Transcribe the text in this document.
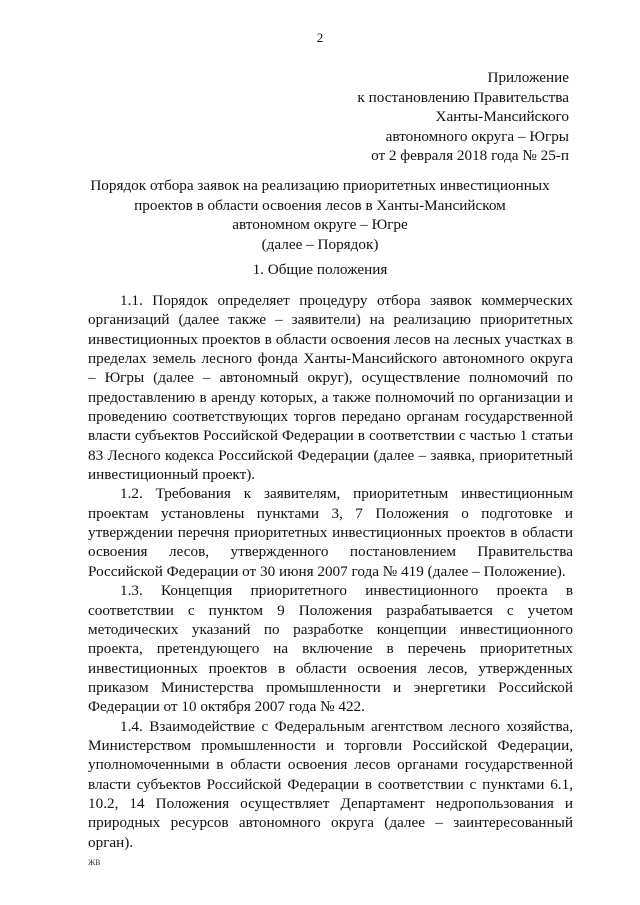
2
Приложение
к постановлению Правительства
Ханты-Мансийского
автономного округа – Югры
от 2 февраля 2018 года № 25-п
Порядок отбора заявок на реализацию приоритетных инвестиционных
проектов в области освоения лесов в Ханты-Мансийском
автономном округе – Югре
(далее – Порядок)
1. Общие положения

1.1. Порядок определяет процедуру отбора заявок коммерческих организаций (далее также – заявители) на реализацию приоритетных инвестиционных проектов в области освоения лесов на лесных участках в пределах земель лесного фонда Ханты-Мансийского автономного округа – Югры (далее – автономный округ), осуществление полномочий по предоставлению в аренду которых, а также полномочий по организации и проведению соответствующих торгов передано органам государственной власти субъектов Российской Федерации в соответствии с частью 1 статьи 83 Лесного кодекса Российской Федерации (далее – заявка, приоритетный инвестиционный проект).

1.2. Требования к заявителям, приоритетным инвестиционным проектам установлены пунктами 3, 7 Положения о подготовке и утверждении перечня приоритетных инвестиционных проектов в области освоения лесов, утвержденного постановлением Правительства Российской Федерации от 30 июня 2007 года № 419 (далее – Положение).

1.3. Концепция приоритетного инвестиционного проекта в соответствии с пунктом 9 Положения разрабатывается с учетом методических указаний по разработке концепции инвестиционного проекта, претендующего на включение в перечень приоритетных инвестиционных проектов в области освоения лесов, утвержденных приказом Министерства промышленности и энергетики Российской Федерации от 10 октября 2007 года № 422.

1.4. Взаимодействие с Федеральным агентством лесного хозяйства, Министерством промышленности и торговли Российской Федерации, уполномоченными в области освоения лесов органами государственной власти субъектов Российской Федерации в соответствии с пунктами 6.1, 10.2, 14 Положения осуществляет Департамент недропользования и природных ресурсов автономного округа (далее – заинтересованный орган).

ЖВ
